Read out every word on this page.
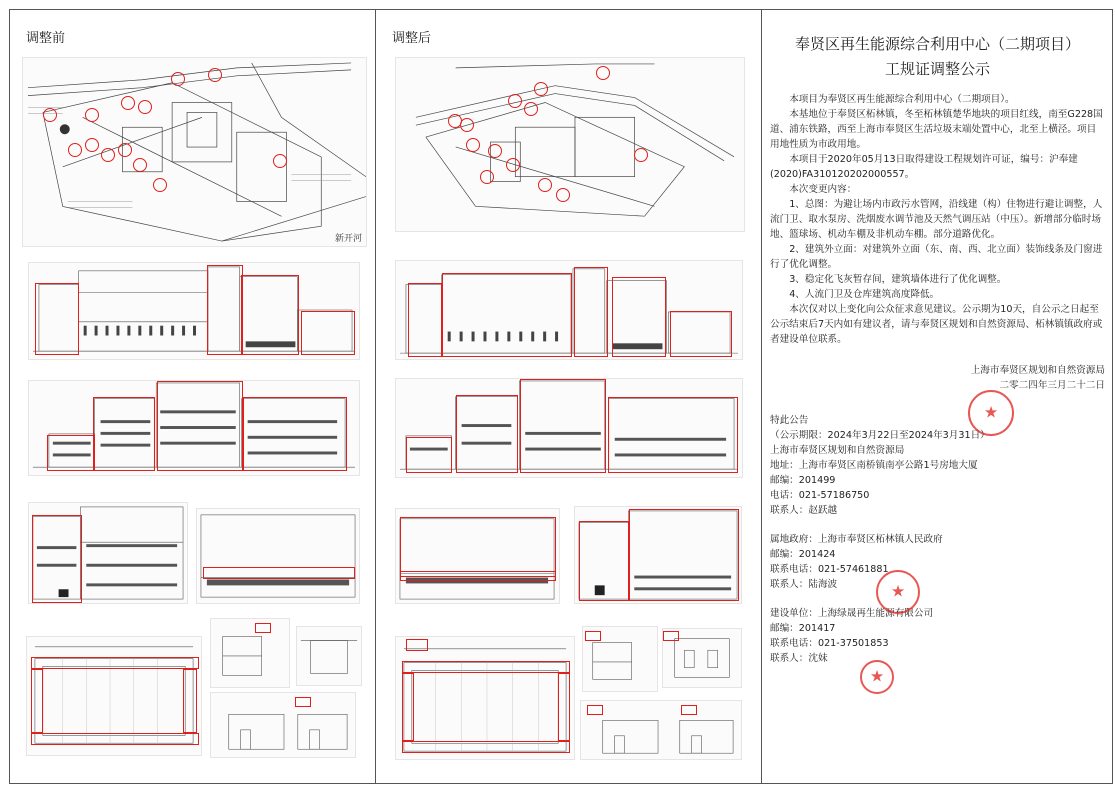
调整前	调整后
新开河
奉贤区再生能源综合利用中心（二期项目）
工规证调整公示

本项目为奉贤区再生能源综合利用中心（二期项目）。

本基地位于奉贤区柘林镇，冬至柘林镇楚华地块的项目红线，南至G228国道、浦东铁路，西至上海市奉贤区生活垃圾末端处置中心，北至上横泾。项目用地性质为市政用地。

本项目于2020年05月13日取得建设工程规划许可证，编号：沪奉建(2020)FA310120202000557。

本次变更内容：

1、总图：为避让场内市政污水管网，沿线建（构）住物进行避让调整，人流门卫、取水泵房、洗烟废水调节池及天然气调压站（中压）。新增部分临时场地、篮球场、机动车棚及非机动车棚。部分道路优化。

2、建筑外立面：对建筑外立面（东、南、西、北立面）装饰线条及门窗进行了优化调整。

3、稳定化飞灰暂存间，建筑墙体进行了优化调整。

4、人流门卫及仓库建筑高度降低。

本次仅对以上变化向公众征求意见建议。公示期为10天，自公示之日起至公示结束后7天内如有建议者，请与奉贤区规划和自然资源局、柘林镇镇政府或者建设单位联系。

上海市奉贤区规划和自然资源局

二零二四年三月二十二日

特此公告

（公示期限：2024年3月22日至2024年3月31日）

上海市奉贤区规划和自然资源局

地址：上海市奉贤区南桥镇南亭公路1号房地大厦

邮编：201499

电话：021-57186750

联系人：赵跃越

属地政府：上海市奉贤区柘林镇人民政府

邮编：201424

联系电话：021-57461881

联系人：陆海波

建设单位：上海绿晟再生能源有限公司

邮编：201417

联系电话：021-37501853

联系人：沈妹

★
★
★
